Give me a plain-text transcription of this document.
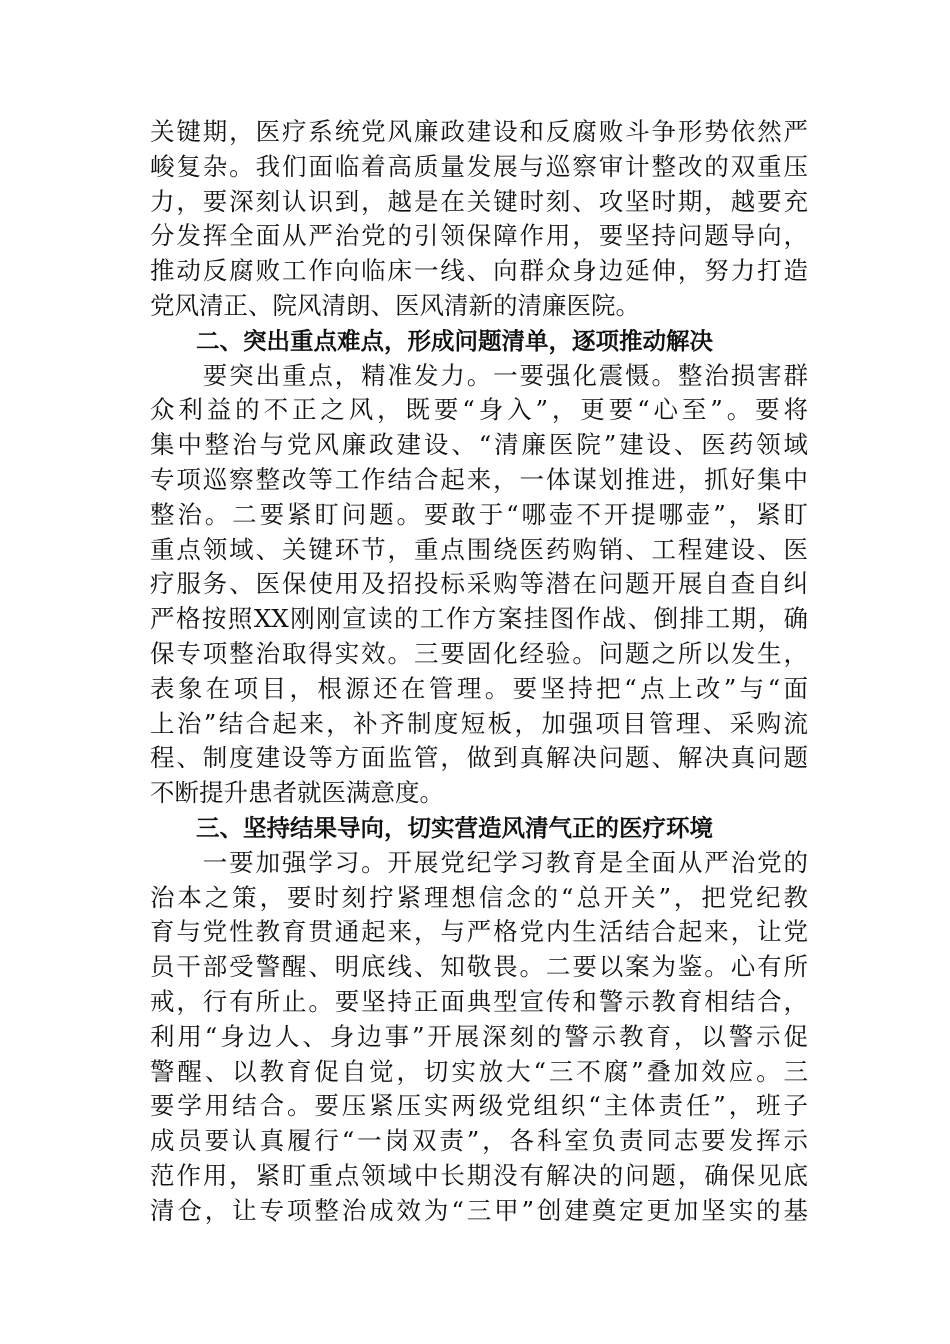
关键期，医疗系统党风廉政建设和反腐败斗争形势依然严
峻复杂。我们面临着高质量发展与巡察审计整改的双重压
力，要深刻认识到，越是在关键时刻、攻坚时期，越要充
分发挥全面从严治党的引领保障作用，要坚持问题导向，
推动反腐败工作向临床一线、向群众身边延伸，努力打造
党风清正、院风清朗、医风清新的清廉医院。
二、突出重点难点，形成问题清单，逐项推动解决
　　要突出重点，精准发力。一要强化震慑。整治损害群
众利益的不正之风，既要“身入”，更要“心至”。要将
集中整治与党风廉政建设、“清廉医院”建设、医药领域
专项巡察整改等工作结合起来，一体谋划推进，抓好集中
整治。二要紧盯问题。要敢于“哪壶不开提哪壶”，紧盯
重点领域、关键环节，重点围绕医药购销、工程建设、医
疗服务、医保使用及招投标采购等潜在问题开展自查自纠
严格按照XX刚刚宣读的工作方案挂图作战、倒排工期，确
保专项整治取得实效。三要固化经验。问题之所以发生，
表象在项目，根源还在管理。要坚持把“点上改”与“面
上治”结合起来，补齐制度短板，加强项目管理、采购流
程、制度建设等方面监管，做到真解决问题、解决真问题
不断提升患者就医满意度。
三、坚持结果导向，切实营造风清气正的医疗环境
　　一要加强学习。开展党纪学习教育是全面从严治党的
治本之策，要时刻拧紧理想信念的“总开关”，把党纪教
育与党性教育贯通起来，与严格党内生活结合起来，让党
员干部受警醒、明底线、知敬畏。二要以案为鉴。心有所
戒，行有所止。要坚持正面典型宣传和警示教育相结合，
利用“身边人、身边事”开展深刻的警示教育，以警示促
警醒、以教育促自觉，切实放大“三不腐”叠加效应。三
要学用结合。要压紧压实两级党组织“主体责任”，班子
成员要认真履行“一岗双责”，各科室负责同志要发挥示
范作用，紧盯重点领域中长期没有解决的问题，确保见底
清仓，让专项整治成效为“三甲”创建奠定更加坚实的基
